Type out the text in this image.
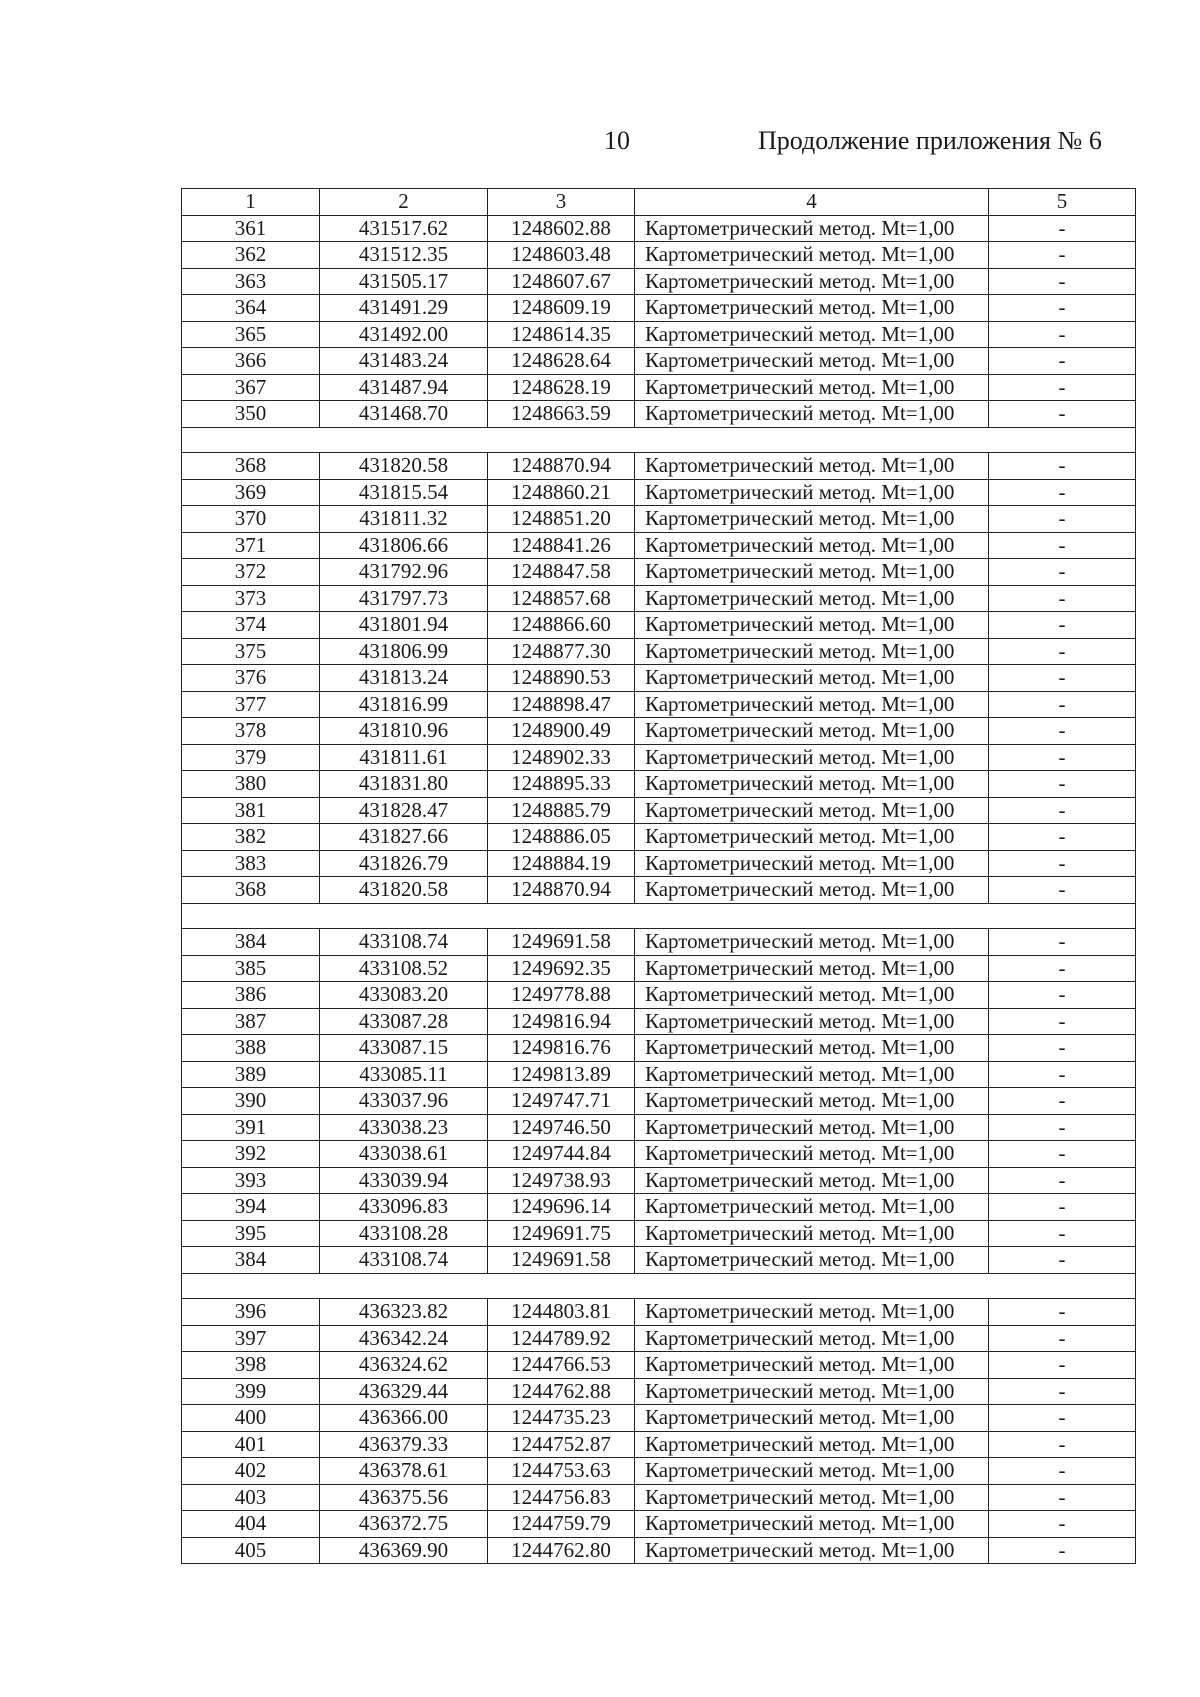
10	Продолжение приложения № 6
1	2	3	4	5
361	431517.62	1248602.88	Картометрический метод. Mt=1,00	-
362	431512.35	1248603.48	Картометрический метод. Mt=1,00	-
363	431505.17	1248607.67	Картометрический метод. Mt=1,00	-
364	431491.29	1248609.19	Картометрический метод. Mt=1,00	-
365	431492.00	1248614.35	Картометрический метод. Mt=1,00	-
366	431483.24	1248628.64	Картометрический метод. Mt=1,00	-
367	431487.94	1248628.19	Картометрический метод. Mt=1,00	-
350	431468.70	1248663.59	Картометрический метод. Mt=1,00	-

368	431820.58	1248870.94	Картометрический метод. Mt=1,00	-
369	431815.54	1248860.21	Картометрический метод. Mt=1,00	-
370	431811.32	1248851.20	Картометрический метод. Mt=1,00	-
371	431806.66	1248841.26	Картометрический метод. Mt=1,00	-
372	431792.96	1248847.58	Картометрический метод. Mt=1,00	-
373	431797.73	1248857.68	Картометрический метод. Mt=1,00	-
374	431801.94	1248866.60	Картометрический метод. Mt=1,00	-
375	431806.99	1248877.30	Картометрический метод. Mt=1,00	-
376	431813.24	1248890.53	Картометрический метод. Mt=1,00	-
377	431816.99	1248898.47	Картометрический метод. Mt=1,00	-
378	431810.96	1248900.49	Картометрический метод. Mt=1,00	-
379	431811.61	1248902.33	Картометрический метод. Mt=1,00	-
380	431831.80	1248895.33	Картометрический метод. Mt=1,00	-
381	431828.47	1248885.79	Картометрический метод. Mt=1,00	-
382	431827.66	1248886.05	Картометрический метод. Mt=1,00	-
383	431826.79	1248884.19	Картометрический метод. Mt=1,00	-
368	431820.58	1248870.94	Картометрический метод. Mt=1,00	-

384	433108.74	1249691.58	Картометрический метод. Mt=1,00	-
385	433108.52	1249692.35	Картометрический метод. Mt=1,00	-
386	433083.20	1249778.88	Картометрический метод. Mt=1,00	-
387	433087.28	1249816.94	Картометрический метод. Mt=1,00	-
388	433087.15	1249816.76	Картометрический метод. Mt=1,00	-
389	433085.11	1249813.89	Картометрический метод. Mt=1,00	-
390	433037.96	1249747.71	Картометрический метод. Mt=1,00	-
391	433038.23	1249746.50	Картометрический метод. Mt=1,00	-
392	433038.61	1249744.84	Картометрический метод. Mt=1,00	-
393	433039.94	1249738.93	Картометрический метод. Mt=1,00	-
394	433096.83	1249696.14	Картометрический метод. Mt=1,00	-
395	433108.28	1249691.75	Картометрический метод. Mt=1,00	-
384	433108.74	1249691.58	Картометрический метод. Mt=1,00	-

396	436323.82	1244803.81	Картометрический метод. Mt=1,00	-
397	436342.24	1244789.92	Картометрический метод. Mt=1,00	-
398	436324.62	1244766.53	Картометрический метод. Mt=1,00	-
399	436329.44	1244762.88	Картометрический метод. Mt=1,00	-
400	436366.00	1244735.23	Картометрический метод. Mt=1,00	-
401	436379.33	1244752.87	Картометрический метод. Mt=1,00	-
402	436378.61	1244753.63	Картометрический метод. Mt=1,00	-
403	436375.56	1244756.83	Картометрический метод. Mt=1,00	-
404	436372.75	1244759.79	Картометрический метод. Mt=1,00	-
405	436369.90	1244762.80	Картометрический метод. Mt=1,00	-
